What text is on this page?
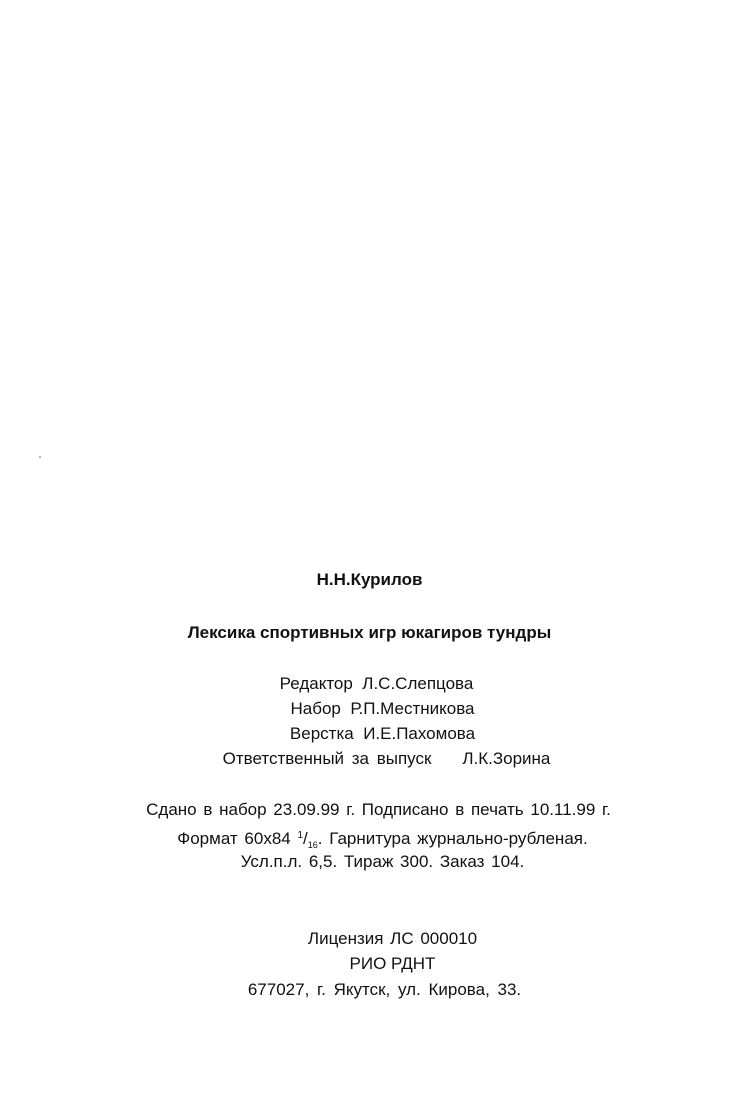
Н.Н.Курилов
Лексика спортивных игр юкагиров тундры
Редактор Л.С.Слепцова
Набор Р.П.Местникова
Верстка И.Е.Пахомова
Ответственный за выпуск Л.К.Зорина
Сдано в набор 23.09.99 г. Подписано в печать 10.11.99 г.
Формат 60x84 $^1/_{16}$. Гарнитура журнально-рубленая.
Усл.п.л. 6,5. Тираж 300. Заказ 104.
Лицензия ЛС 000010
РИО РДНТ
677027, г. Якутск, ул. Кирова, 33.
